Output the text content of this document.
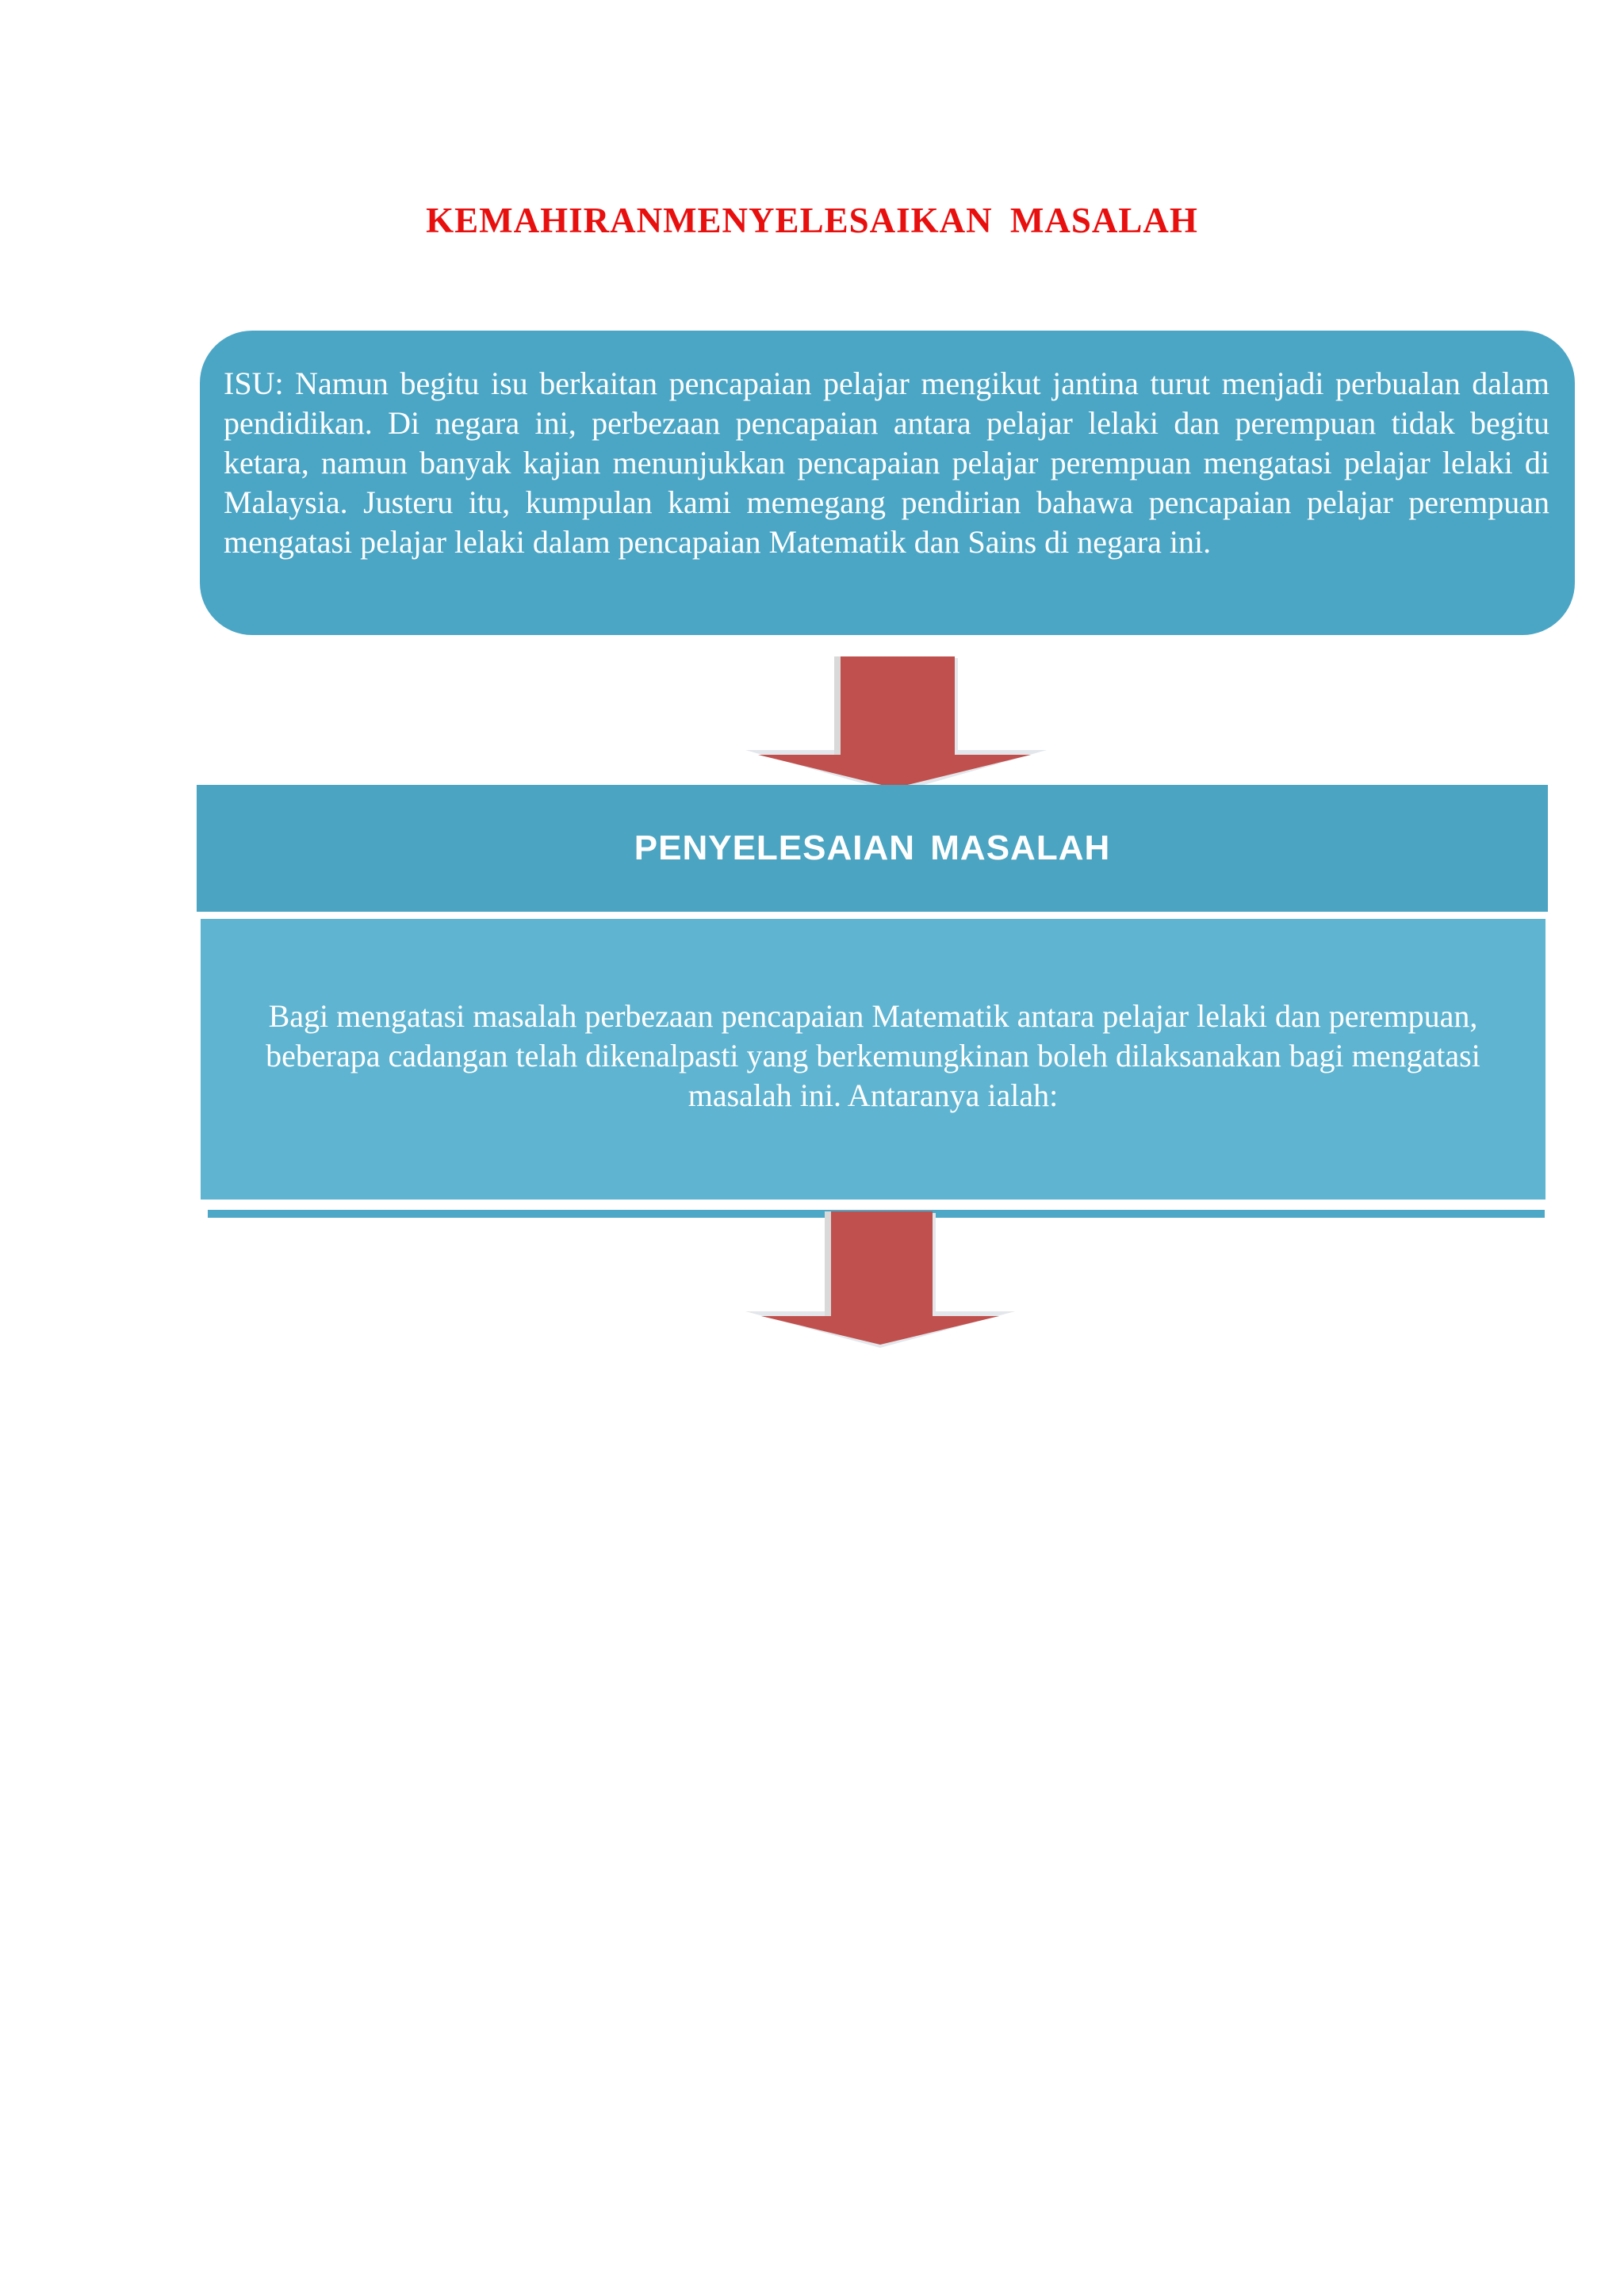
KEMAHIRANMENYELESAIKAN MASALAH
ISU: Namun begitu isu berkaitan pencapaian pelajar mengikut jantina turut menjadi perbualan dalam pendidikan. Di negara ini, perbezaan pencapaian antara pelajar lelaki dan perempuan tidak begitu ketara, namun banyak kajian menunjukkan pencapaian pelajar perempuan mengatasi pelajar lelaki di Malaysia. Justeru itu, kumpulan kami memegang pendirian bahawa pencapaian pelajar perempuan mengatasi pelajar lelaki dalam pencapaian Matematik dan Sains di negara ini.
PENYELESAIAN MASALAH
Bagi mengatasi masalah perbezaan pencapaian Matematik antara pelajar lelaki dan perempuan, beberapa cadangan telah dikenalpasti yang berkemungkinan boleh dilaksanakan bagi mengatasi masalah ini. Antaranya ialah:
